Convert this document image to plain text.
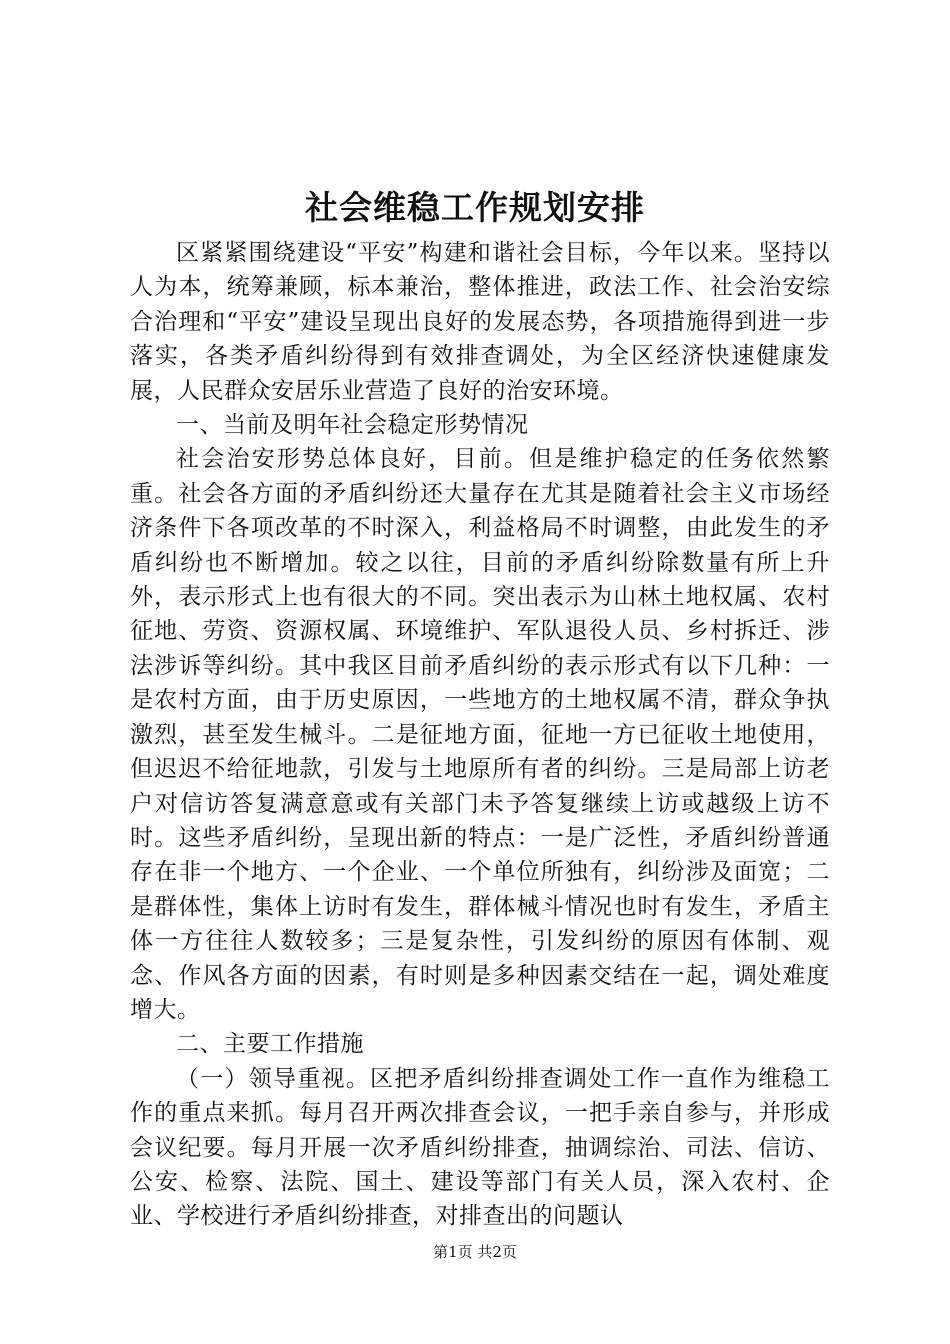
社会维稳工作规划安排

区紧紧围绕建设“平安”构建和谐社会目标，今年以来。坚持以人为本，统筹兼顾，标本兼治，整体推进，政法工作、社会治安综合治理和“平安”建设呈现出良好的发展态势，各项措施得到进一步落实，各类矛盾纠纷得到有效排查调处，为全区经济快速健康发展，人民群众安居乐业营造了良好的治安环境。

一、当前及明年社会稳定形势情况

社会治安形势总体良好，目前。但是维护稳定的任务依然繁重。社会各方面的矛盾纠纷还大量存在尤其是随着社会主义市场经济条件下各项改革的不时深入，利益格局不时调整，由此发生的矛盾纠纷也不断增加。较之以往，目前的矛盾纠纷除数量有所上升外，表示形式上也有很大的不同。突出表示为山林土地权属、农村征地、劳资、资源权属、环境维护、军队退役人员、乡村拆迁、涉法涉诉等纠纷。其中我区目前矛盾纠纷的表示形式有以下几种：一是农村方面，由于历史原因，一些地方的土地权属不清，群众争执激烈，甚至发生械斗。二是征地方面，征地一方已征收土地使用，但迟迟不给征地款，引发与土地原所有者的纠纷。三是局部上访老户对信访答复满意意或有关部门未予答复继续上访或越级上访不时。这些矛盾纠纷，呈现出新的特点：一是广泛性，矛盾纠纷普通存在非一个地方、一个企业、一个单位所独有，纠纷涉及面宽；二是群体性，集体上访时有发生，群体械斗情况也时有发生，矛盾主体一方往往人数较多；三是复杂性，引发纠纷的原因有体制、观念、作风各方面的因素，有时则是多种因素交结在一起，调处难度增大。

二、主要工作措施

（一）领导重视。区把矛盾纠纷排查调处工作一直作为维稳工作的重点来抓。每月召开两次排查会议，一把手亲自参与，并形成会议纪要。每月开展一次矛盾纠纷排查，抽调综治、司法、信访、公安、检察、法院、国土、建设等部门有关人员，深入农村、企业、学校进行矛盾纠纷排查，对排查出的问题认

第1页 共2页
